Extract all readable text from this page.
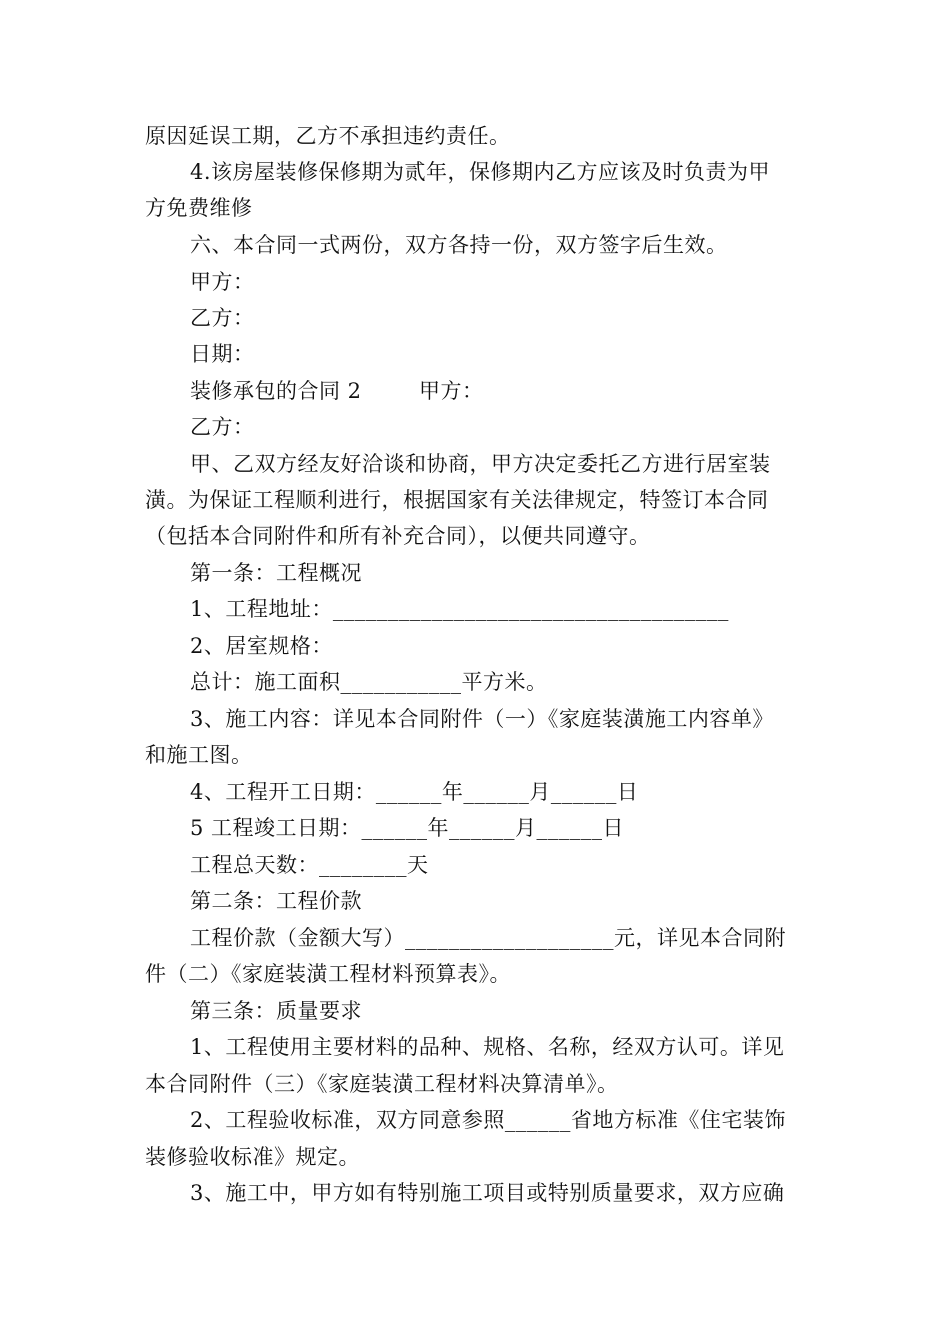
原因延误工期，乙方不承担违约责任。
4.该房屋装修保修期为贰年，保修期内乙方应该及时负责为甲
方免费维修
六、本合同一式两份，双方各持一份，双方签字后生效。
甲方：
乙方：
日期：
装修承包的合同 2        甲方：
乙方：
甲、乙双方经友好洽谈和协商，甲方决定委托乙方进行居室装
潢。为保证工程顺利进行，根据国家有关法律规定，特签订本合同
（包括本合同附件和所有补充合同），以便共同遵守。
第一条：工程概况
1、工程地址：____________________________________
2、居室规格：
总计：施工面积___________平方米。
3、施工内容：详见本合同附件（一）《家庭装潢施工内容单》
和施工图。
4、工程开工日期：______年______月______日
5 工程竣工日期：______年______月______日
工程总天数：________天
第二条：工程价款
工程价款（金额大写）___________________元，详见本合同附
件（二）《家庭装潢工程材料预算表》。
第三条：质量要求
1、工程使用主要材料的品种、规格、名称，经双方认可。详见
本合同附件（三）《家庭装潢工程材料决算清单》。
2、工程验收标准，双方同意参照______省地方标准《住宅装饰
装修验收标准》规定。
3、施工中，甲方如有特别施工项目或特别质量要求，双方应确
